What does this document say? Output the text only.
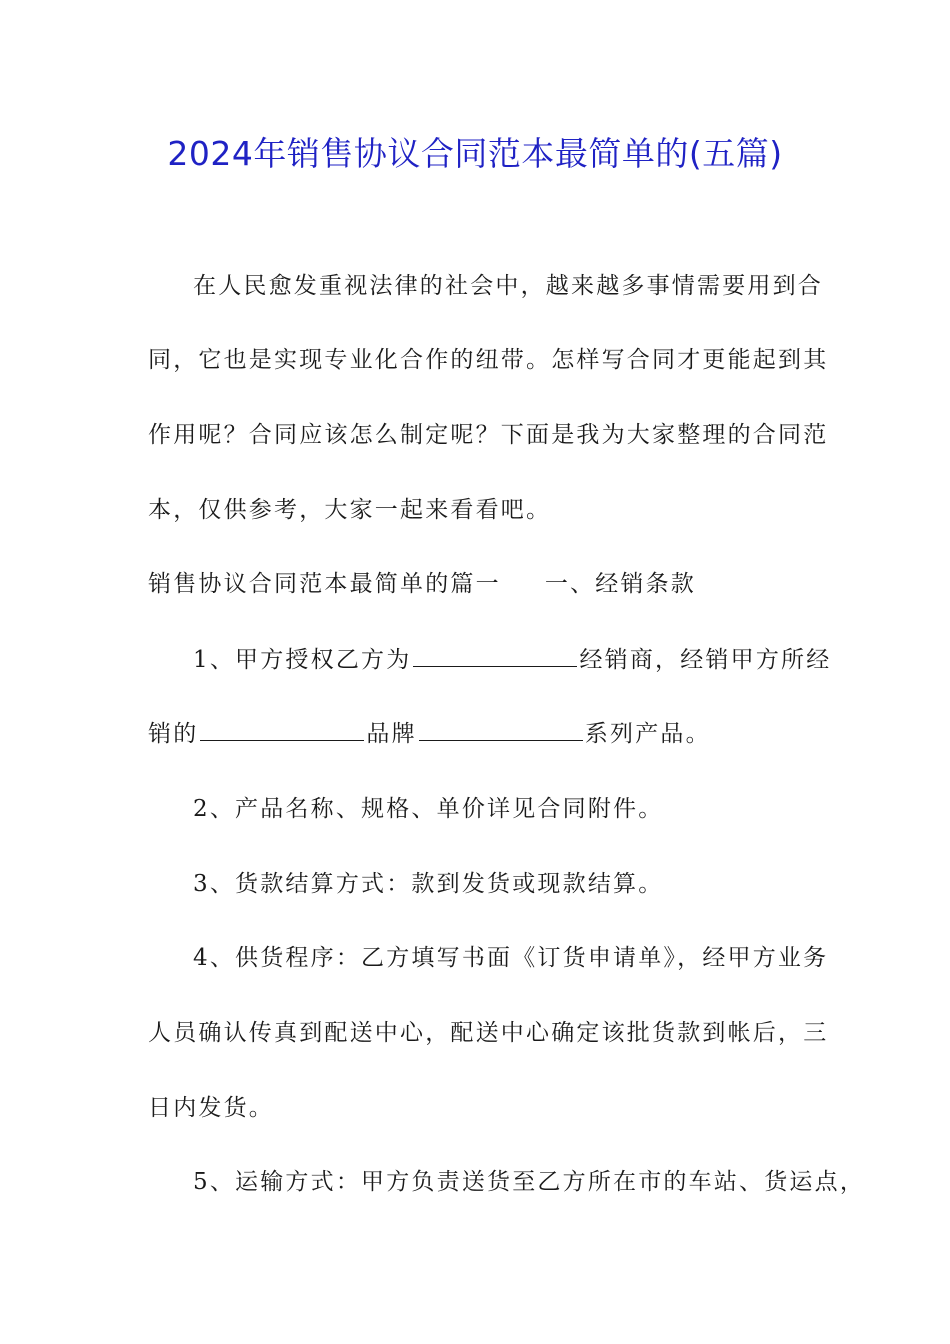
2024年销售协议合同范本最简单的(五篇)
在人民愈发重视法律的社会中，越来越多事情需要用到合
同，它也是实现专业化合作的纽带。怎样写合同才更能起到其
作用呢？合同应该怎么制定呢？下面是我为大家整理的合同范
本，仅供参考，大家一起来看看吧。
销售协议合同范本最简单的篇一 一、经销条款
1、甲方授权乙方为	经销商，经销甲方所经
销的	品牌	系列产品。
2、产品名称、规格、单价详见合同附件。
3、货款结算方式：款到发货或现款结算。
4、供货程序：乙方填写书面《订货申请单》，经甲方业务
人员确认传真到配送中心，配送中心确定该批货款到帐后，三
日内发货。
5、运输方式：甲方负责送货至乙方所在市的车站、货运点，
